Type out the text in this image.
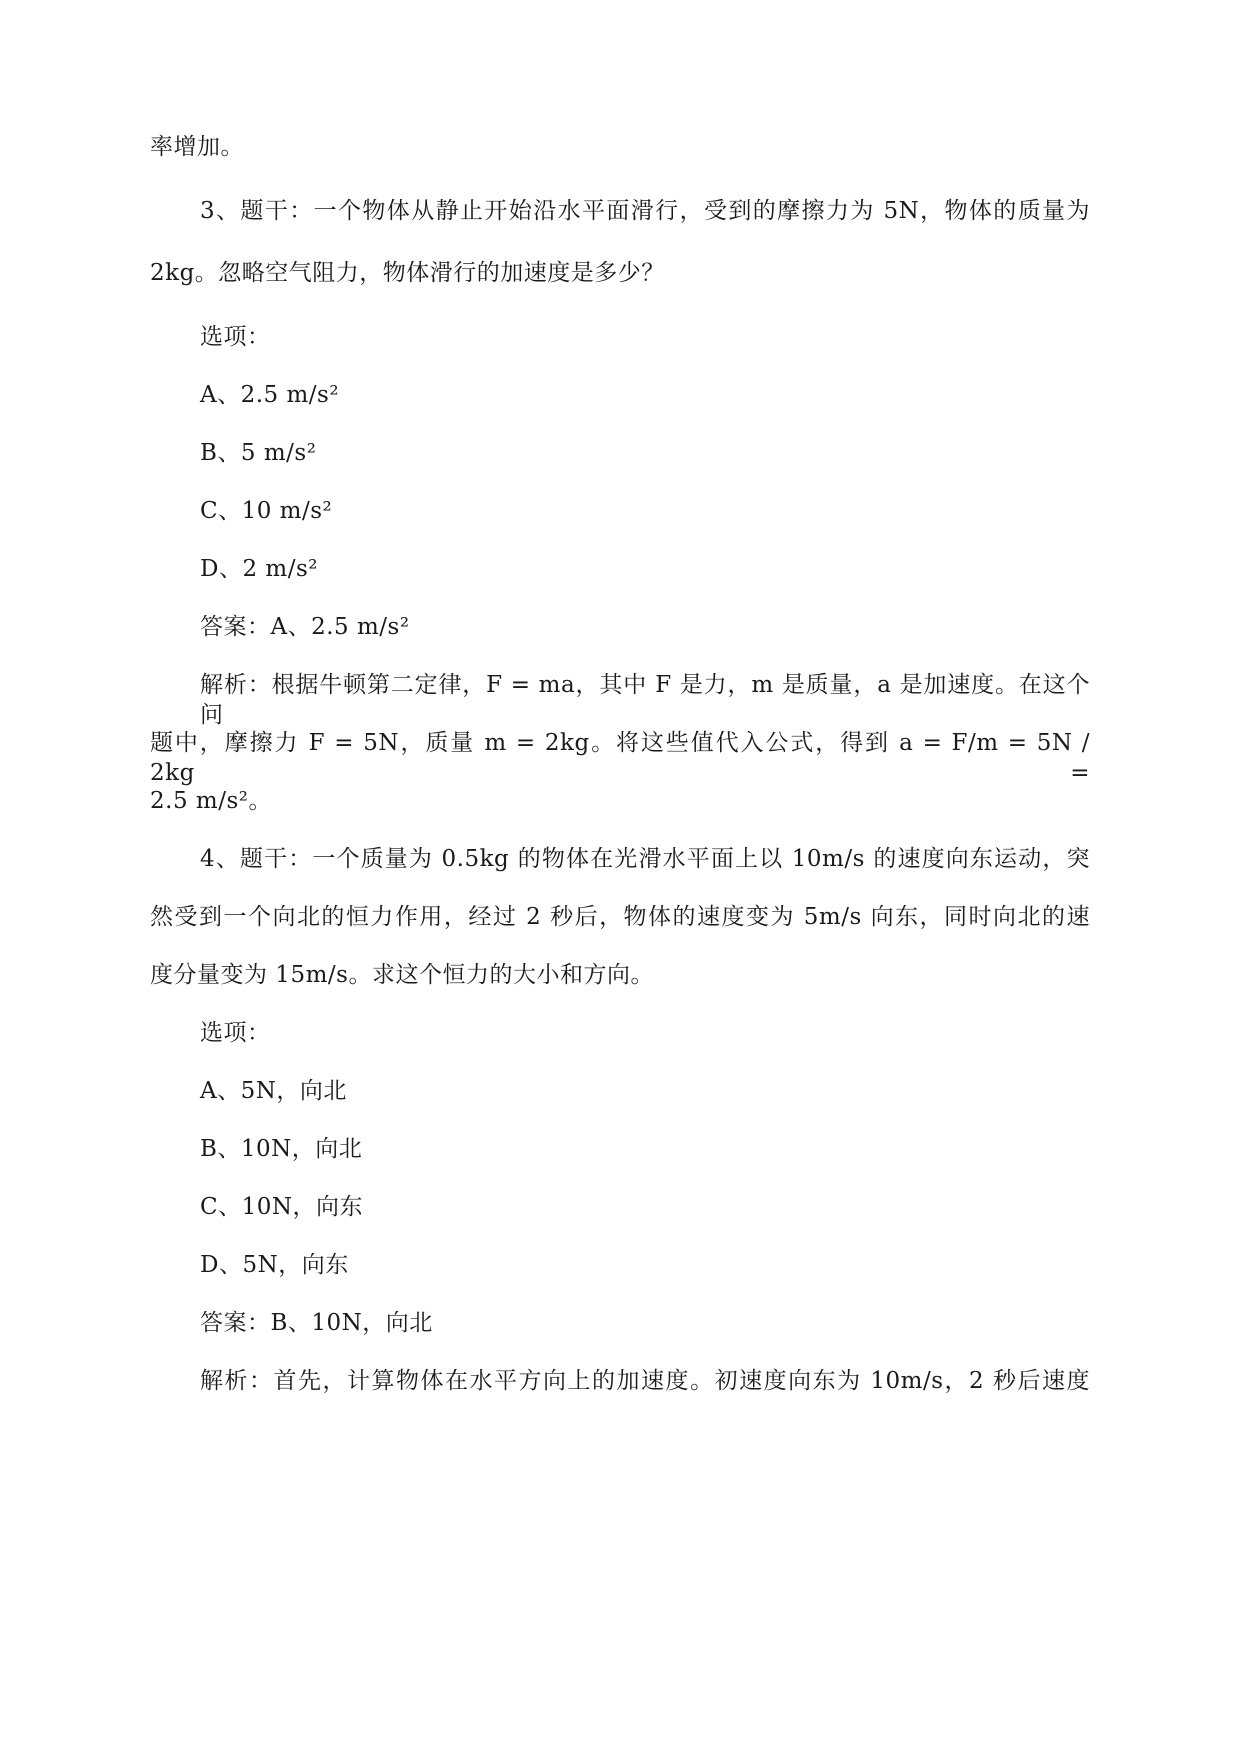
率增加。
3、题干：一个物体从静止开始沿水平面滑行，受到的摩擦力为 5N，物体的质量为
2kg。忽略空气阻力，物体滑行的加速度是多少？
选项：
A、2.5 m/s²
B、5 m/s²
C、10 m/s²
D、2 m/s²
答案：A、2.5 m/s²
解析：根据牛顿第二定律，F = ma，其中 F 是力，m 是质量，a 是加速度。在这个问
题中，摩擦力 F = 5N，质量 m = 2kg。将这些值代入公式，得到 a = F/m = 5N / 2kg =
2.5 m/s²。
4、题干：一个质量为 0.5kg 的物体在光滑水平面上以 10m/s 的速度向东运动，突
然受到一个向北的恒力作用，经过 2 秒后，物体的速度变为 5m/s 向东，同时向北的速
度分量变为 15m/s。求这个恒力的大小和方向。
选项：
A、5N，向北
B、10N，向北
C、10N，向东
D、5N，向东
答案：B、10N，向北
解析：首先，计算物体在水平方向上的加速度。初速度向东为 10m/s，2 秒后速度
